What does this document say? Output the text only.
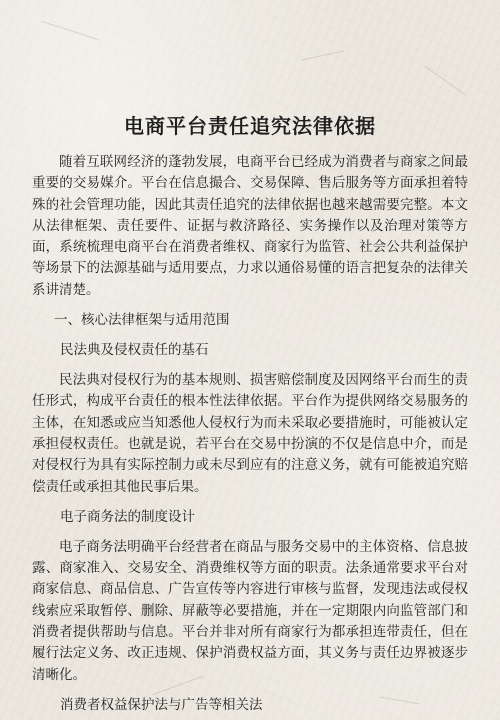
电商平台责任追究法律依据

随着互联网经济的蓬勃发展，电商平台已经成为消费者与商家之间最重要的交易媒介。平台在信息撮合、交易保障、售后服务等方面承担着特殊的社会管理功能，因此其责任追究的法律依据也越来越需要完整。本文从法律框架、责任要件、证据与救济路径、实务操作以及治理对策等方面，系统梳理电商平台在消费者维权、商家行为监管、社会公共利益保护等场景下的法源基础与适用要点，力求以通俗易懂的语言把复杂的法律关系讲清楚。

一、核心法律框架与适用范围
民法典及侵权责任的基石

民法典对侵权行为的基本规则、损害赔偿制度及因网络平台而生的责任形式，构成平台责任的根本性法律依据。平台作为提供网络交易服务的主体，在知悉或应当知悉他人侵权行为而未采取必要措施时，可能被认定承担侵权责任。也就是说，若平台在交易中扮演的不仅是信息中介，而是对侵权行为具有实际控制力或未尽到应有的注意义务，就有可能被追究赔偿责任或承担其他民事后果。

电子商务法的制度设计

电子商务法明确平台经营者在商品与服务交易中的主体资格、信息披露、商家准入、交易安全、消费维权等方面的职责。法条通常要求平台对商家信息、商品信息、广告宣传等内容进行审核与监督，发现违法或侵权线索应采取暂停、删除、屏蔽等必要措施，并在一定期限内向监管部门和消费者提供帮助与信息。平台并非对所有商家行为都承担连带责任，但在履行法定义务、改正违规、保护消费权益方面，其义务与责任边界被逐步清晰化。

消费者权益保护法与广告等相关法
